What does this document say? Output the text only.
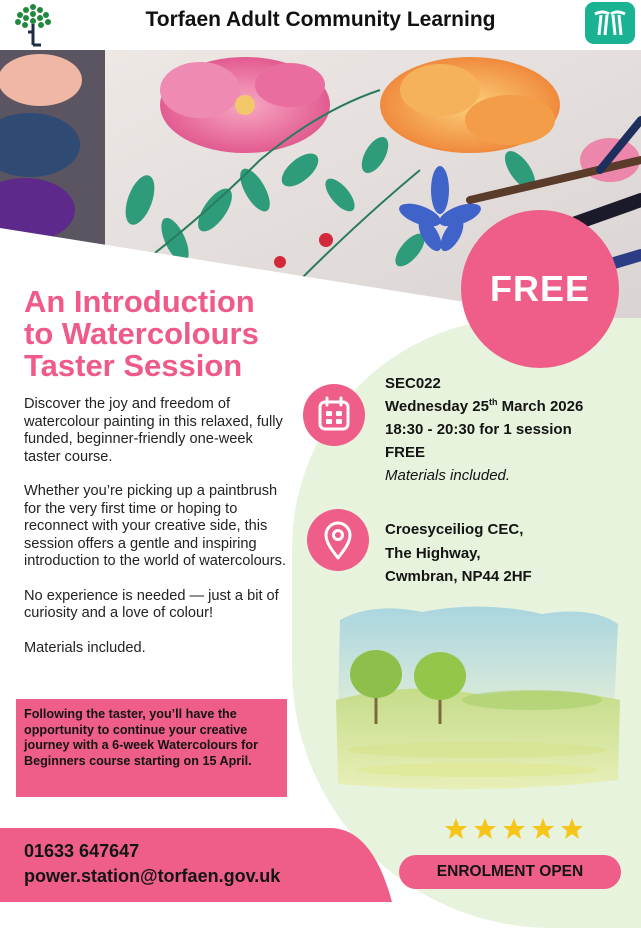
Torfaen Adult Community Learning
FREE
An Introduction
to Watercolours
Taster Session

Discover the joy and freedom of watercolour painting in this relaxed, fully funded, beginner-friendly one-week taster course.

Whether you’re picking up a paintbrush for the very first time or hoping to reconnect with your creative side, this session offers a gentle and inspiring introduction to the world of watercolours.

No experience is needed — just a bit of curiosity and a love of colour!

Materials included.

Following the taster, you’ll have the opportunity to continue your creative journey with a 6-week Watercolours for Beginners course starting on 15 April.
SEC022
Wednesday 25th March 2026
18:30 - 20:30 for 1 session
FREE
Materials included.
Croesyceiliog CEC,
The Highway,
Cwmbran, NP44 2HF
ENROLMENT OPEN
01633 647647
power.station@torfaen.gov.uk
